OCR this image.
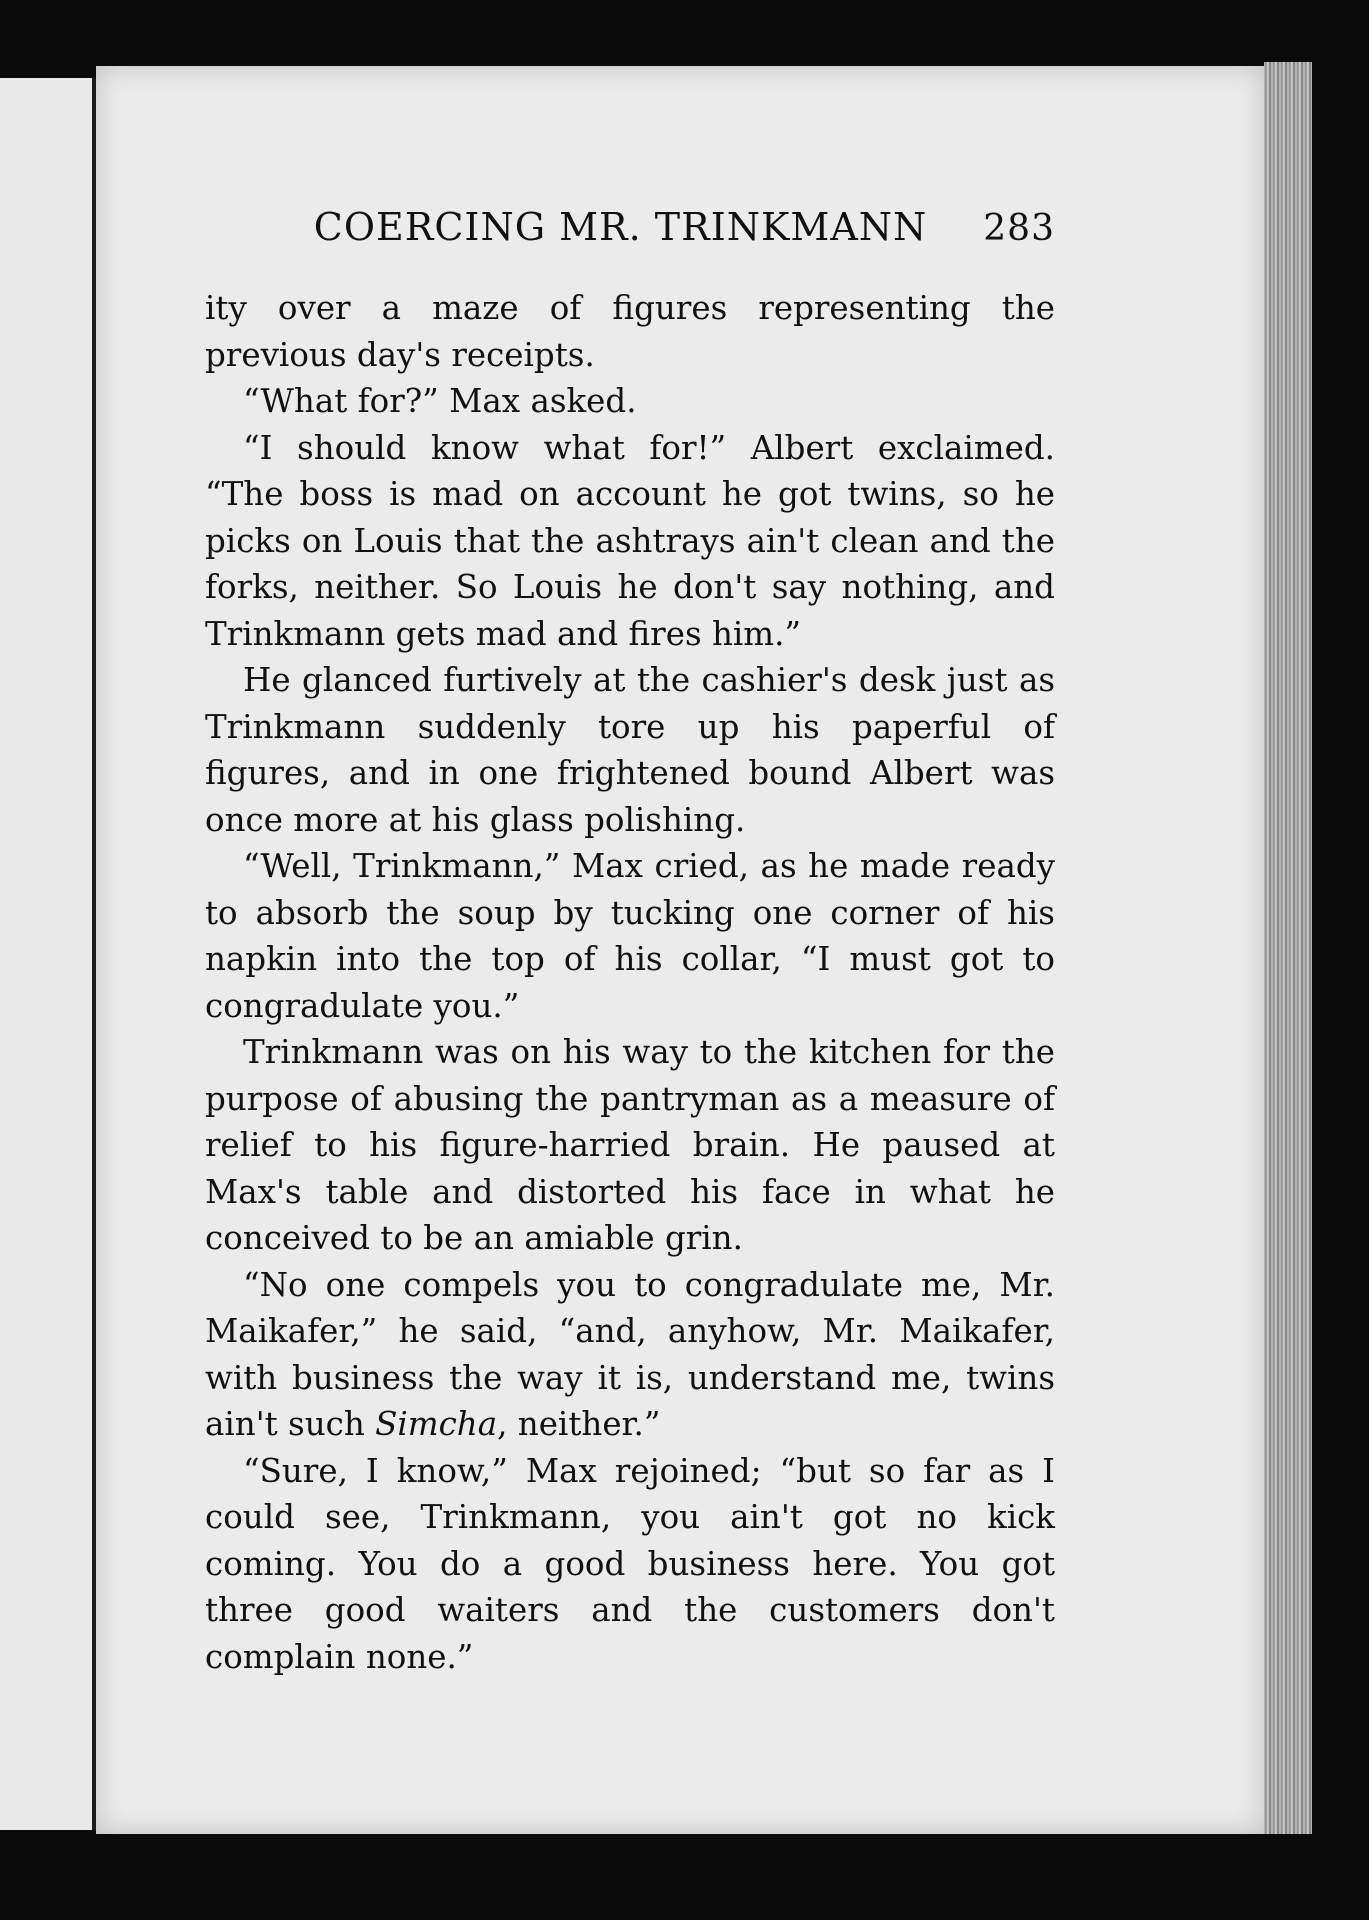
COERCING MR. TRINKMANN 283

ity over a maze of figures representing the previous day's receipts.

“What for?” Max asked.

“I should know what for!” Albert exclaimed. “The boss is mad on account he got twins, so he picks on Louis that the ashtrays ain't clean and the forks, neither. So Louis he don't say nothing, and Trinkmann gets mad and fires him.”

He glanced furtively at the cashier's desk just as Trinkmann suddenly tore up his paperful of figures, and in one frightened bound Albert was once more at his glass polishing.

“Well, Trinkmann,” Max cried, as he made ready to absorb the soup by tucking one corner of his napkin into the top of his collar, “I must got to congradulate you.”

Trinkmann was on his way to the kitchen for the purpose of abusing the pantryman as a measure of relief to his figure-harried brain. He paused at Max's table and distorted his face in what he conceived to be an amiable grin.

“No one compels you to congradulate me, Mr. Maikafer,” he said, “and, anyhow, Mr. Maikafer, with business the way it is, understand me, twins ain't such Simcha, neither.”

“Sure, I know,” Max rejoined; “but so far as I could see, Trinkmann, you ain't got no kick coming. You do a good business here. You got three good waiters and the customers don't complain none.”
